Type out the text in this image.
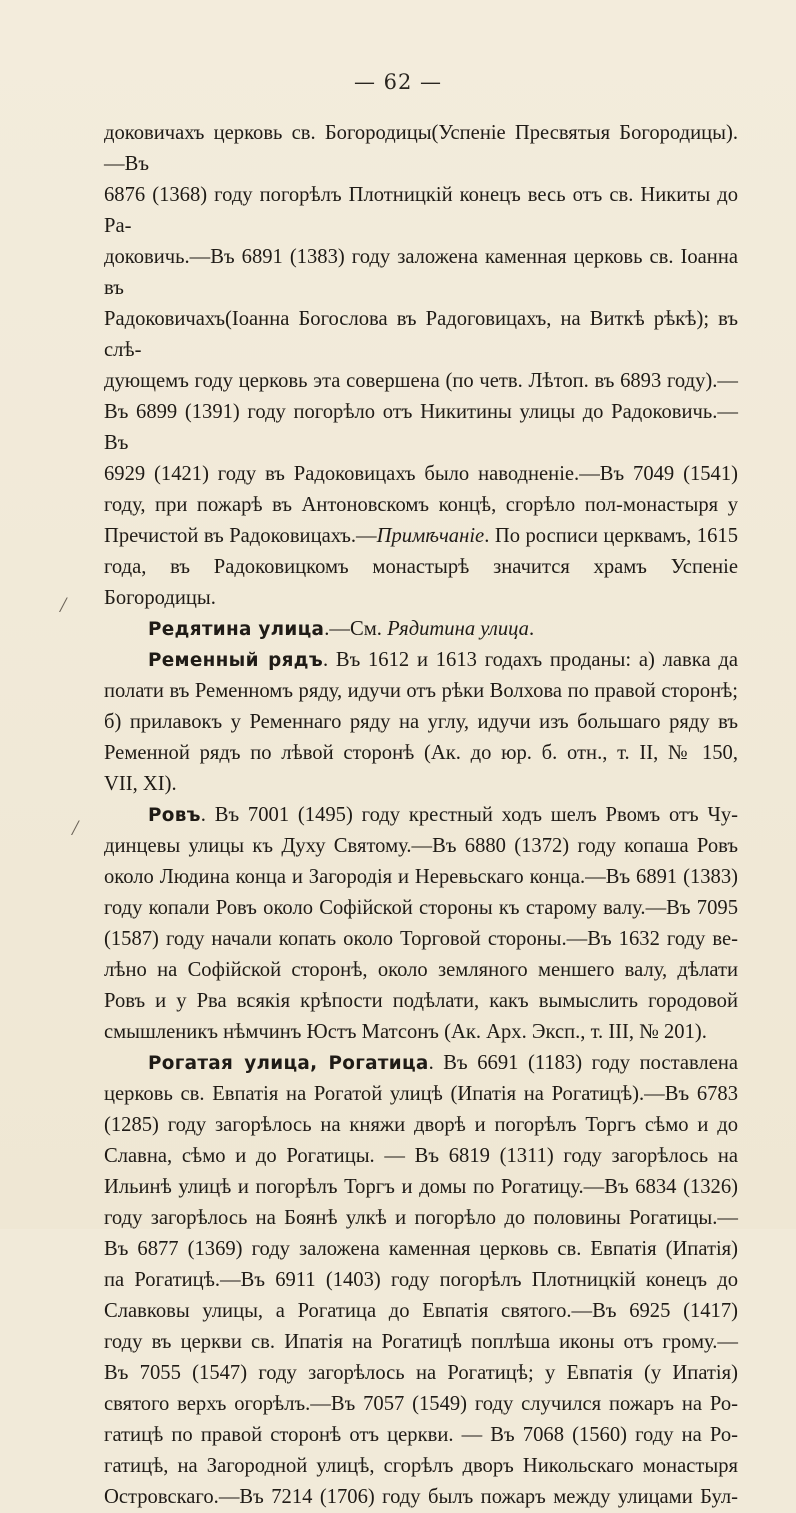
— 62 —
/
/

доковичахъ церковь св. Богородицы(Успеніе Пресвятыя Богородицы).—Въ

6876 (1368) году погорѣлъ Плотницкій конецъ весь отъ св. Никиты до Ра-

доковичь.—Въ 6891 (1383) году заложена каменная церковь св. Іоанна въ

Радоковичахъ(Іоанна Богослова въ Радоговицахъ, на Виткѣ рѣкѣ); въ слѣ-

дующемъ году церковь эта совершена (по четв. Лѣтоп. въ 6893 году).—

Въ 6899 (1391) году погорѣло отъ Никитины улицы до Радоковичь.—Въ

6929 (1421) году въ Радоковицахъ было наводненіе.—Въ 7049 (1541)

году, при пожарѣ въ Антоновскомъ концѣ, сгорѣло пол-монастыря у

Пречистой въ Радоковицахъ.—Примѣчаніе. По росписи церквамъ, 1615

года, въ Радоковицкомъ монастырѣ значится храмъ Успеніе Богородицы.

Редятина улица.—См. Рядитина улица.

Ременный рядъ. Въ 1612 и 1613 годахъ проданы: а) лавка да

полати въ Ременномъ ряду, идучи отъ рѣки Волхова по правой сторонѣ;

б) прилавокъ у Ременнаго ряду на углу, идучи изъ большаго ряду въ

Ременной рядъ по лѣвой сторонѣ (Ак. до юр. б. отн., т. II, № 150,

VII, XI).

Ровъ. Въ 7001 (1495) году крестный ходъ шелъ Рвомъ отъ Чу-

динцевы улицы къ Духу Святому.—Въ 6880 (1372) году копаша Ровъ

около Людина конца и Загородія и Неревьскаго конца.—Въ 6891 (1383)

году копали Ровъ около Софійской стороны къ старому валу.—Въ 7095

(1587) году начали копать около Торговой стороны.—Въ 1632 году ве-

лѣно на Софійской сторонѣ, около земляного меншего валу, дѣлати

Ровъ и у Рва всякія крѣпости подѣлати, какъ вымыслить городовой

смышленикъ нѣмчинъ Юстъ Матсонъ (Ак. Арх. Эксп., т. III, № 201).

Рогатая улица, Рогатица. Въ 6691 (1183) году поставлена

церковь св. Евпатія на Рогатой улицѣ (Ипатія на Рогатицѣ).—Въ 6783

(1285) году загорѣлось на княжи дворѣ и погорѣлъ Торгъ сѣмо и до

Славна, сѣмо и до Рогатицы. — Въ 6819 (1311) году загорѣлось на

Ильинѣ улицѣ и погорѣлъ Торгъ и домы по Рогатицу.—Въ 6834 (1326)

году загорѣлось на Боянѣ улкѣ и погорѣло до половины Рогатицы.—

Въ 6877 (1369) году заложена каменная церковь св. Евпатія (Ипатія)

па Рогатицѣ.—Въ 6911 (1403) году погорѣлъ Плотницкій конецъ до

Славковы улицы, а Рогатица до Евпатія святого.—Въ 6925 (1417)

году въ церкви св. Ипатія на Рогатицѣ поплѣша иконы отъ грому.—

Въ 7055 (1547) году загорѣлось на Рогатицѣ; у Евпатія (у Ипатія)

святого верхъ огорѣлъ.—Въ 7057 (1549) году случился пожаръ на Ро-

гатицѣ по правой сторонѣ отъ церкви. — Въ 7068 (1560) году на Ро-

гатицѣ, на Загородной улицѣ, сгорѣлъ дворъ Никольскаго монастыря

Островскаго.—Въ 7214 (1706) году былъ пожаръ между улицами Бул-
